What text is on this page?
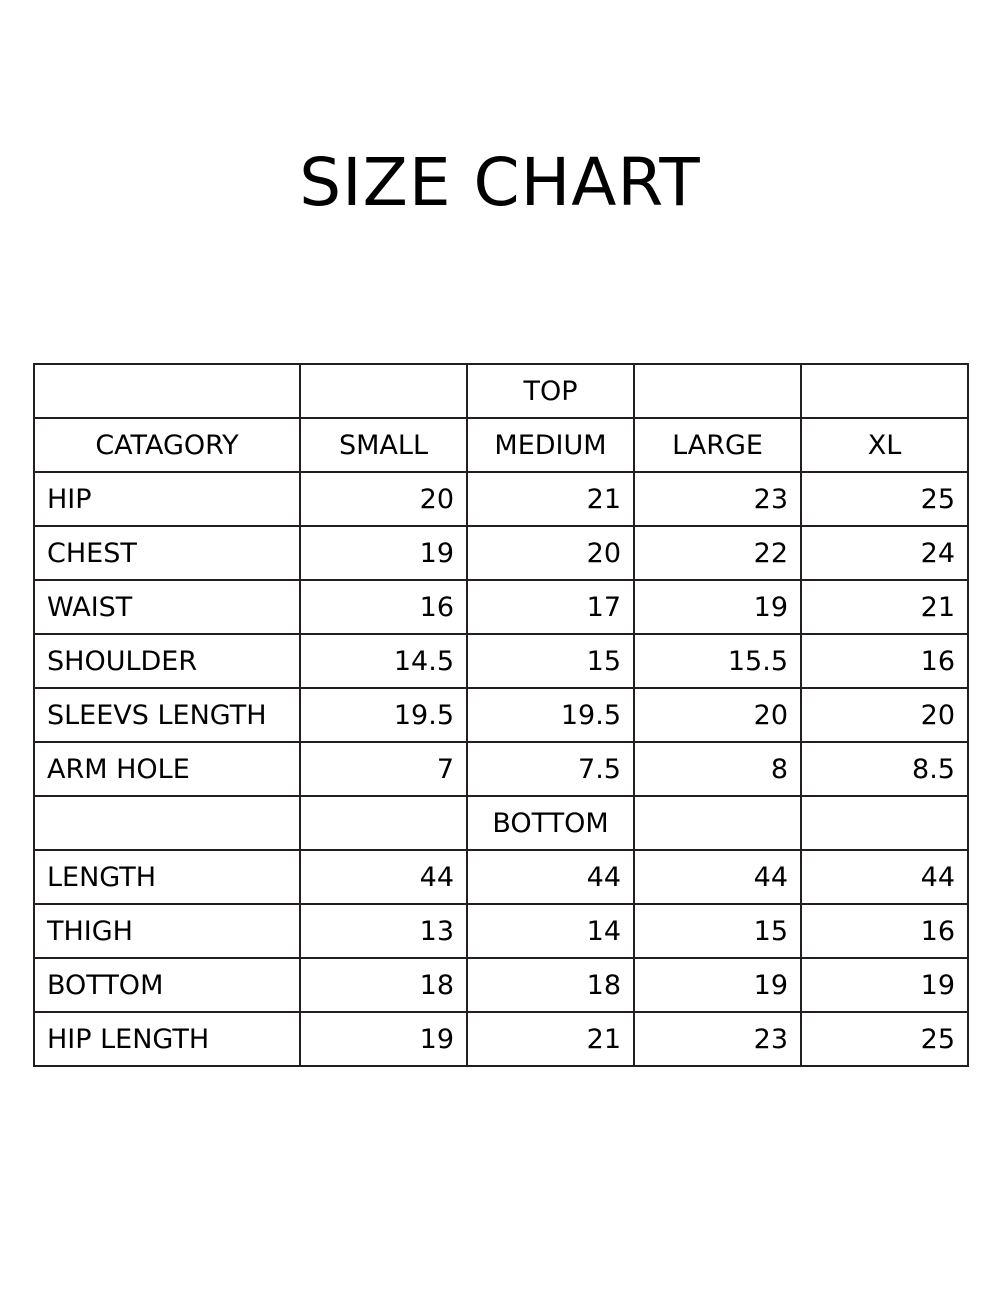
SIZE CHART
		TOP		
CATAGORY	SMALL	MEDIUM	LARGE	XL
HIP	20	21	23	25
CHEST	19	20	22	24
WAIST	16	17	19	21
SHOULDER	14.5	15	15.5	16
SLEEVS LENGTH	19.5	19.5	20	20
ARM HOLE	7	7.5	8	8.5
		BOTTOM		
LENGTH	44	44	44	44
THIGH	13	14	15	16
BOTTOM	18	18	19	19
HIP LENGTH	19	21	23	25
